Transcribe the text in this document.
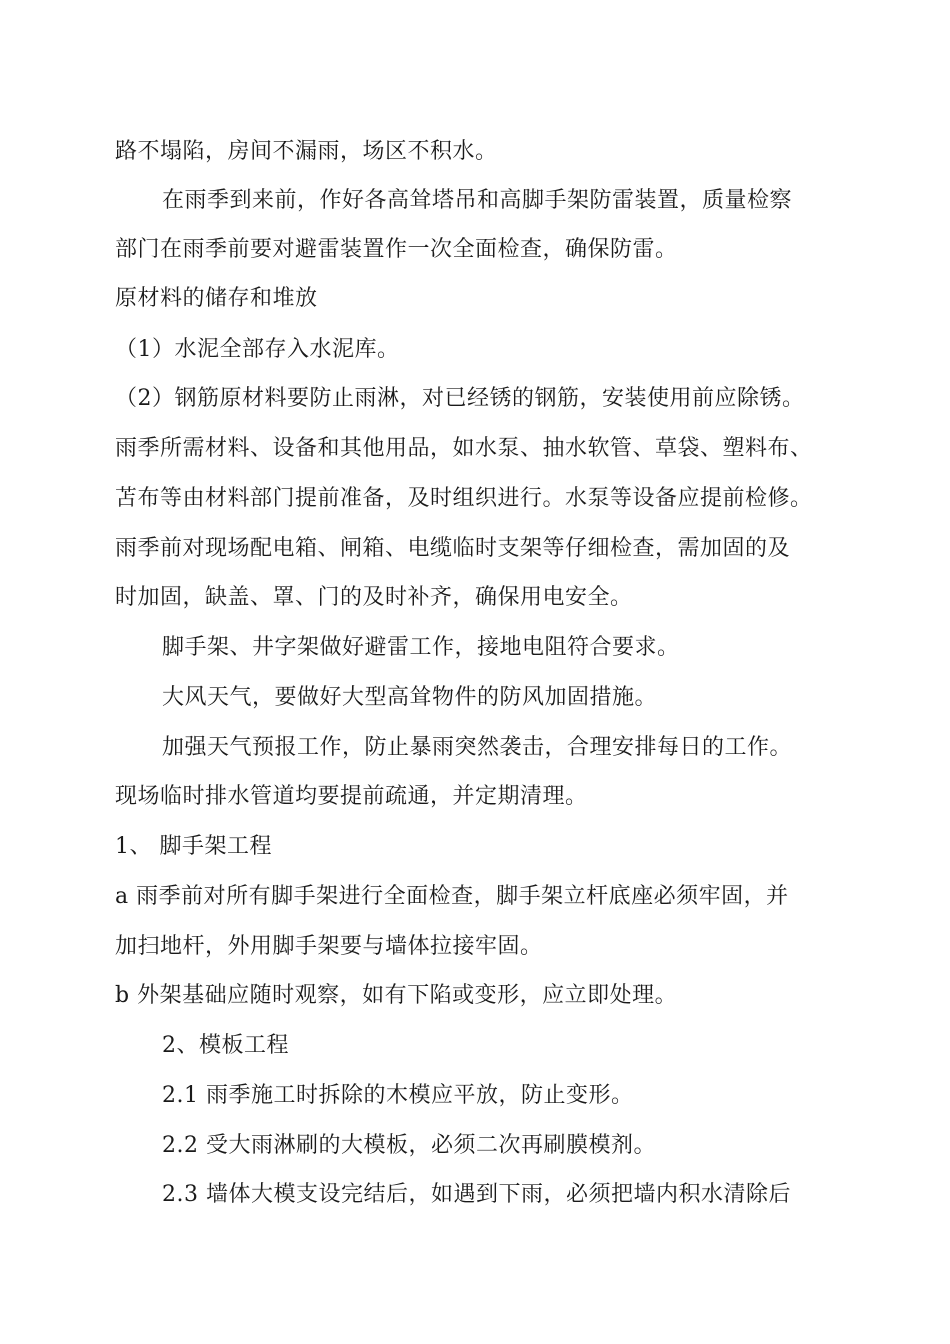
路不塌陷，房间不漏雨，场区不积水。
在雨季到来前，作好各高耸塔吊和高脚手架防雷装置，质量检察
部门在雨季前要对避雷装置作一次全面检查，确保防雷。
原材料的储存和堆放
（1）水泥全部存入水泥库。
（2）钢筋原材料要防止雨淋，对已经锈的钢筋，安装使用前应除锈。
雨季所需材料、设备和其他用品，如水泵、抽水软管、草袋、塑料布、
苫布等由材料部门提前准备，及时组织进行。水泵等设备应提前检修。
雨季前对现场配电箱、闸箱、电缆临时支架等仔细检查，需加固的及
时加固，缺盖、罩、门的及时补齐，确保用电安全。
脚手架、井字架做好避雷工作，接地电阻符合要求。
大风天气，要做好大型高耸物件的防风加固措施。
加强天气预报工作，防止暴雨突然袭击，合理安排每日的工作。
现场临时排水管道均要提前疏通，并定期清理。
1、 脚手架工程
a 雨季前对所有脚手架进行全面检查，脚手架立杆底座必须牢固，并
加扫地杆，外用脚手架要与墙体拉接牢固。
b 外架基础应随时观察，如有下陷或变形，应立即处理。
2、模板工程
2.1 雨季施工时拆除的木模应平放，防止变形。
2.2 受大雨淋刷的大模板，必须二次再刷膜模剂。
2.3 墙体大模支设完结后，如遇到下雨，必须把墙内积水清除后
